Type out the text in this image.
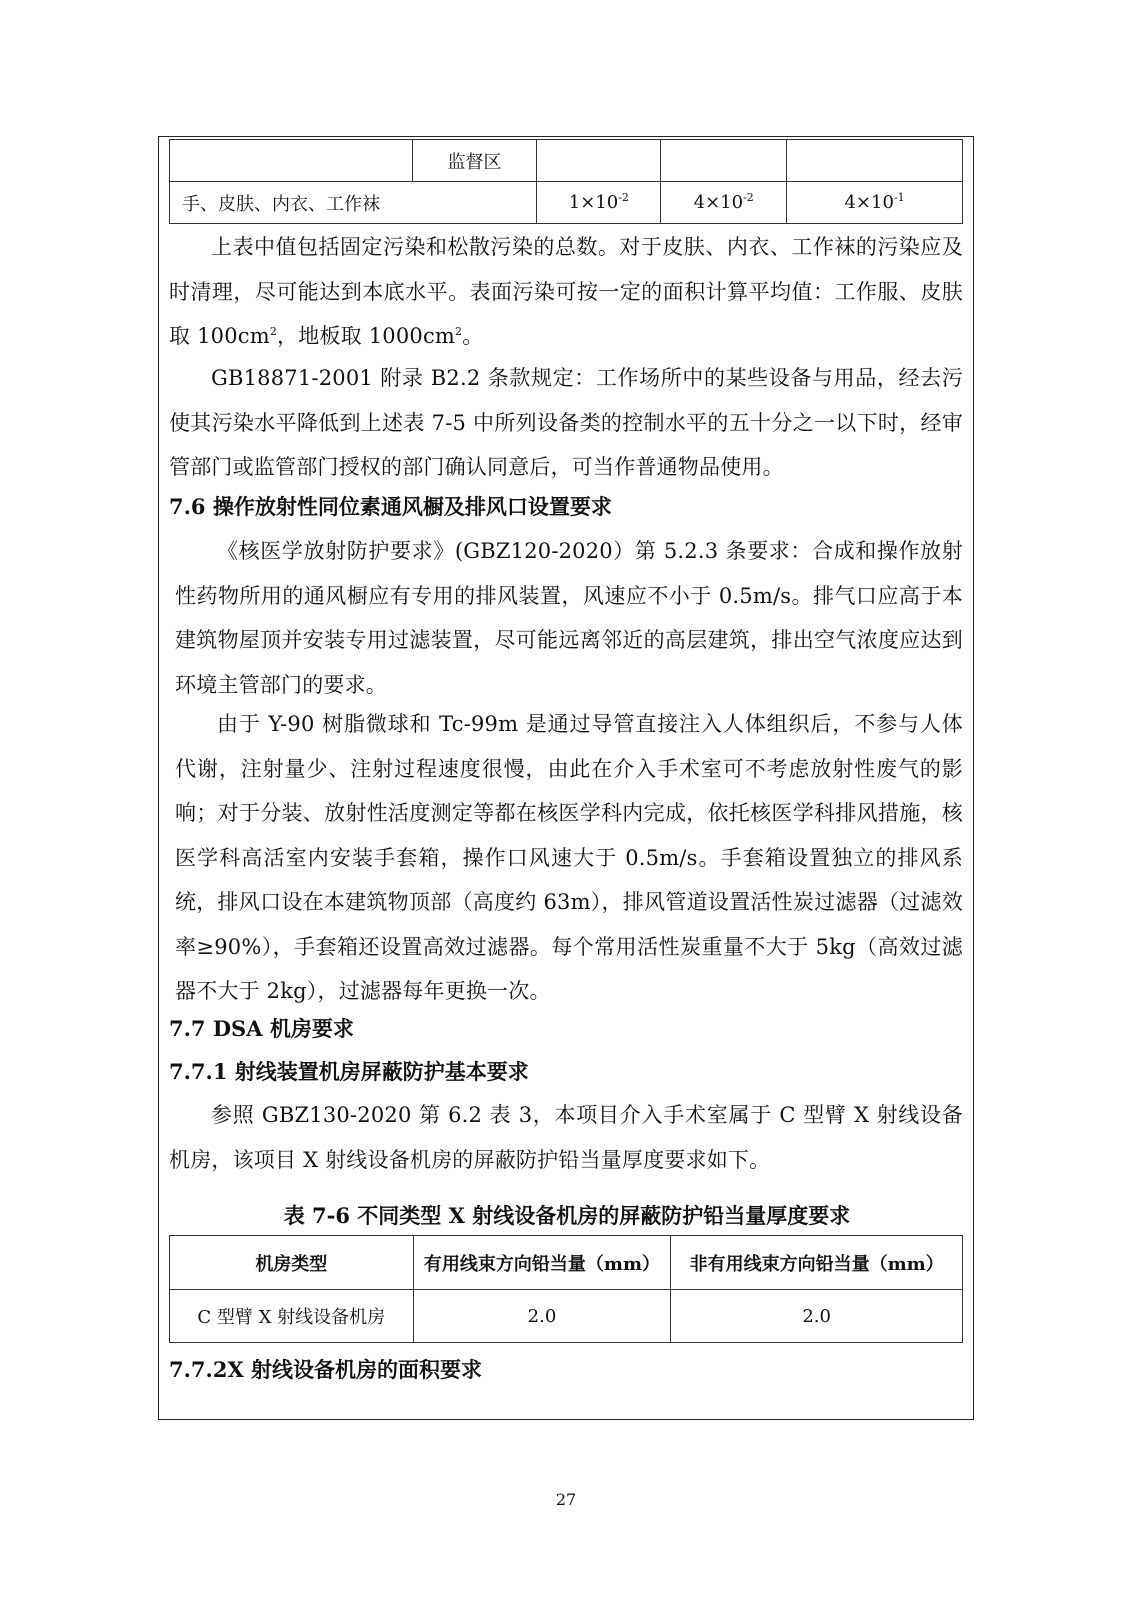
	监督区			
手、皮肤、内衣、工作袜		$1\times 10^{-2}$	$4\times 10^{-2}$	$4\times 10^{-1}$

上表中值包括固定污染和松散污染的总数。对于皮肤、内衣、工作袜的污染应及时清理，尽可能达到本底水平。表面污染可按一定的面积计算平均值：工作服、皮肤取 $100cm^2$，地板取 $1000cm^2$。

GB18871-2001 附录 B2.2 条款规定：工作场所中的某些设备与用品，经去污使其污染水平降低到上述表 7-5 中所列设备类的控制水平的五十分之一以下时，经审管部门或监管部门授权的部门确认同意后，可当作普通物品使用。

7.6 操作放射性同位素通风橱及排风口设置要求

《核医学放射防护要求》(GBZ120-2020）第 5.2.3 条要求：合成和操作放射性药物所用的通风橱应有专用的排风装置，风速应不小于 0.5m/s。排气口应高于本建筑物屋顶并安装专用过滤装置，尽可能远离邻近的高层建筑，排出空气浓度应达到环境主管部门的要求。

由于 Y-90 树脂微球和 Tc-99m 是通过导管直接注入人体组织后，不参与人体代谢，注射量少、注射过程速度很慢，由此在介入手术室可不考虑放射性废气的影响；对于分装、放射性活度测定等都在核医学科内完成，依托核医学科排风措施，核医学科高活室内安装手套箱，操作口风速大于 0.5m/s。手套箱设置独立的排风系统，排风口设在本建筑物顶部（高度约 63m），排风管道设置活性炭过滤器（过滤效率≥90%），手套箱还设置高效过滤器。每个常用活性炭重量不大于 5kg（高效过滤器不大于 2kg），过滤器每年更换一次。

7.7 DSA 机房要求

7.7.1 射线装置机房屏蔽防护基本要求

参照 GBZ130-2020 第 6.2 表 3，本项目介入手术室属于 C 型臂 X 射线设备机房，该项目 X 射线设备机房的屏蔽防护铅当量厚度要求如下。

表 7-6 不同类型 X 射线设备机房的屏蔽防护铅当量厚度要求

机房类型	有用线束方向铅当量（mm）	非有用线束方向铅当量（mm）
C 型臂 X 射线设备机房	2.0	2.0

7.7.2X 射线设备机房的面积要求

27
